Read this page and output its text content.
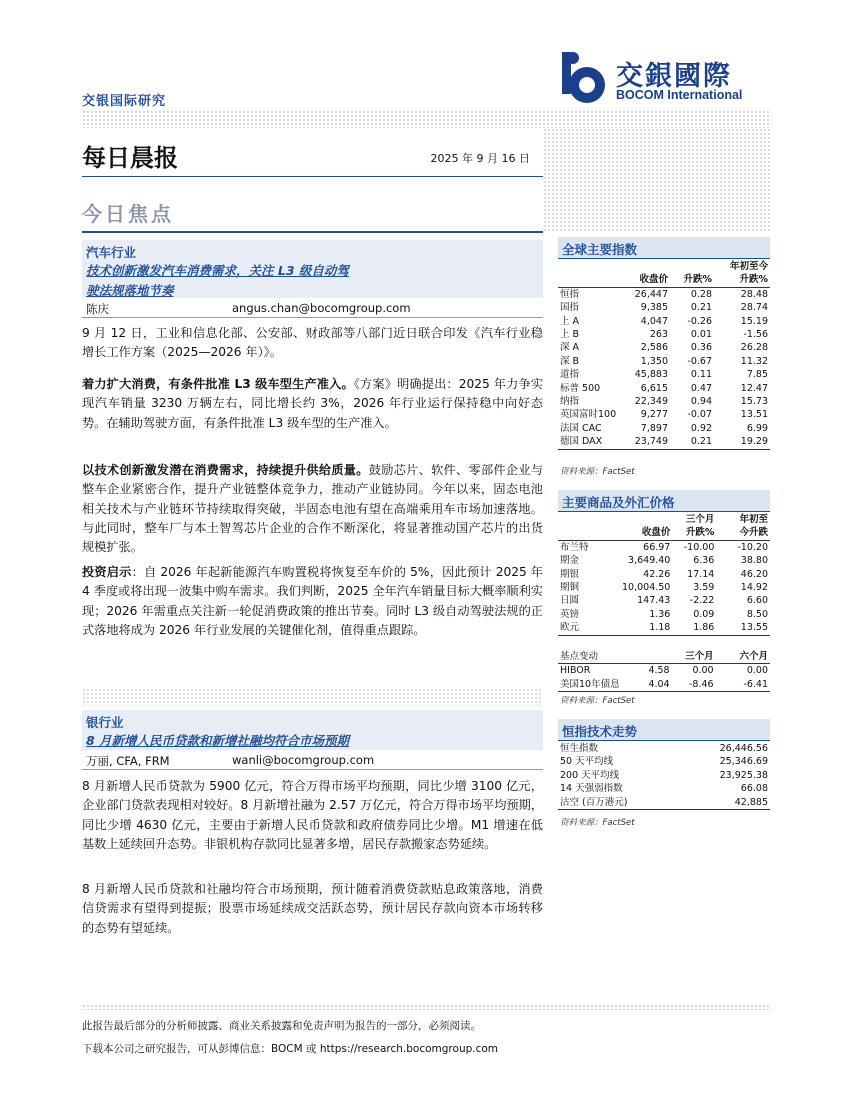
交银国际研究
交銀國際
BOCOM International
每日晨报	2025 年 9 月 16 日
今日焦点
汽车行业
技术创新激发汽车消费需求，关注 L3 级自动驾
驶法规落地节奏
陈庆	angus.chan@bocomgroup.com

9 月 12 日，工业和信息化部、公安部、财政部等八部门近日联合印发《汽车行业稳增长工作方案（2025—2026 年）》。

着力扩大消费，有条件批准 L3 级车型生产准入。《方案》明确提出：2025 年力争实现汽车销量 3230 万辆左右，同比增长约 3%，2026 年行业运行保持稳中向好态势。在辅助驾驶方面，有条件批准 L3 级车型的生产准入。

以技术创新激发潜在消费需求，持续提升供给质量。鼓励芯片、软件、零部件企业与整车企业紧密合作，提升产业链整体竞争力，推动产业链协同。今年以来，固态电池相关技术与产业链环节持续取得突破，半固态电池有望在高端乘用车市场加速落地。与此同时，整车厂与本土智驾芯片企业的合作不断深化，将显著推动国产芯片的出货规模扩张。

投资启示：自 2026 年起新能源汽车购置税将恢复至车价的 5%，因此预计 2025 年 4 季度或将出现一波集中购车需求。我们判断，2025 全年汽车销量目标大概率顺利实现；2026 年需重点关注新一轮促消费政策的推出节奏。同时 L3 级自动驾驶法规的正式落地将成为 2026 年行业发展的关键催化剂，值得重点跟踪。

银行业
8 月新增人民币贷款和新增社融均符合市场预期
万丽, CFA, FRM	wanli@bocomgroup.com

8 月新增人民币贷款为 5900 亿元，符合万得市场平均预期，同比少增 3100 亿元，企业部门贷款表现相对较好。8 月新增社融为 2.57 万亿元，符合万得市场平均预期，同比少增 4630 亿元，主要由于新增人民币贷款和政府债券同比少增。M1 增速在低基数上延续回升态势。非银机构存款同比显著多增，居民存款搬家态势延续。

8 月新增人民币贷款和社融均符合市场预期，预计随着消费贷款贴息政策落地，消费信贷需求有望得到提振；股票市场延续成交活跃态势，预计居民存款向资本市场转移的态势有望延续。

全球主要指数
			年初至今
	收盘价	升跌%	升跌%
恒指	26,447	0.28	28.48
国指	9,385	0.21	28.74
上 A	4,047	-0.26	15.19
上 B	263	0.01	-1.56
深 A	2,586	0.36	26.28
深 B	1,350	-0.67	11.32
道指	45,883	0.11	7.85
标普 500	6,615	0.47	12.47
纳指	22,349	0.94	15.73
英国富时100	9,277	-0.07	13.51
法国 CAC	7,897	0.92	6.99
德国 DAX	23,749	0.21	19.29
资料来源：FactSet
主要商品及外汇价格
		三个月	年初至
	收盘价	升跌%	今升跌
布兰特	66.97	-10.00	-10.20
期金	3,649.40	6.36	38.80
期银	42.26	17.14	46.20
期铜	10,004.50	3.59	14.92
日圆	147.43	-2.22	6.60
英镑	1.36	0.09	8.50
欧元	1.18	1.86	13.55
基点变动		三个月	六个月
HIBOR	4.58	0.00	0.00
美国10年债息	4.04	-8.46	-6.41
资料来源：FactSet
恒指技术走势
恒生指数	26,446.56
50 天平均线	25,346.69
200 天平均线	23,925.38
14 天强弱指数	66.08
沽空 (百万港元)	42,885
资料来源：FactSet
此报告最后部分的分析师披露、商业关系披露和免责声明为报告的一部分，必须阅读。
下载本公司之研究报告，可从彭博信息：BOCM 或 https://research.bocomgroup.com
